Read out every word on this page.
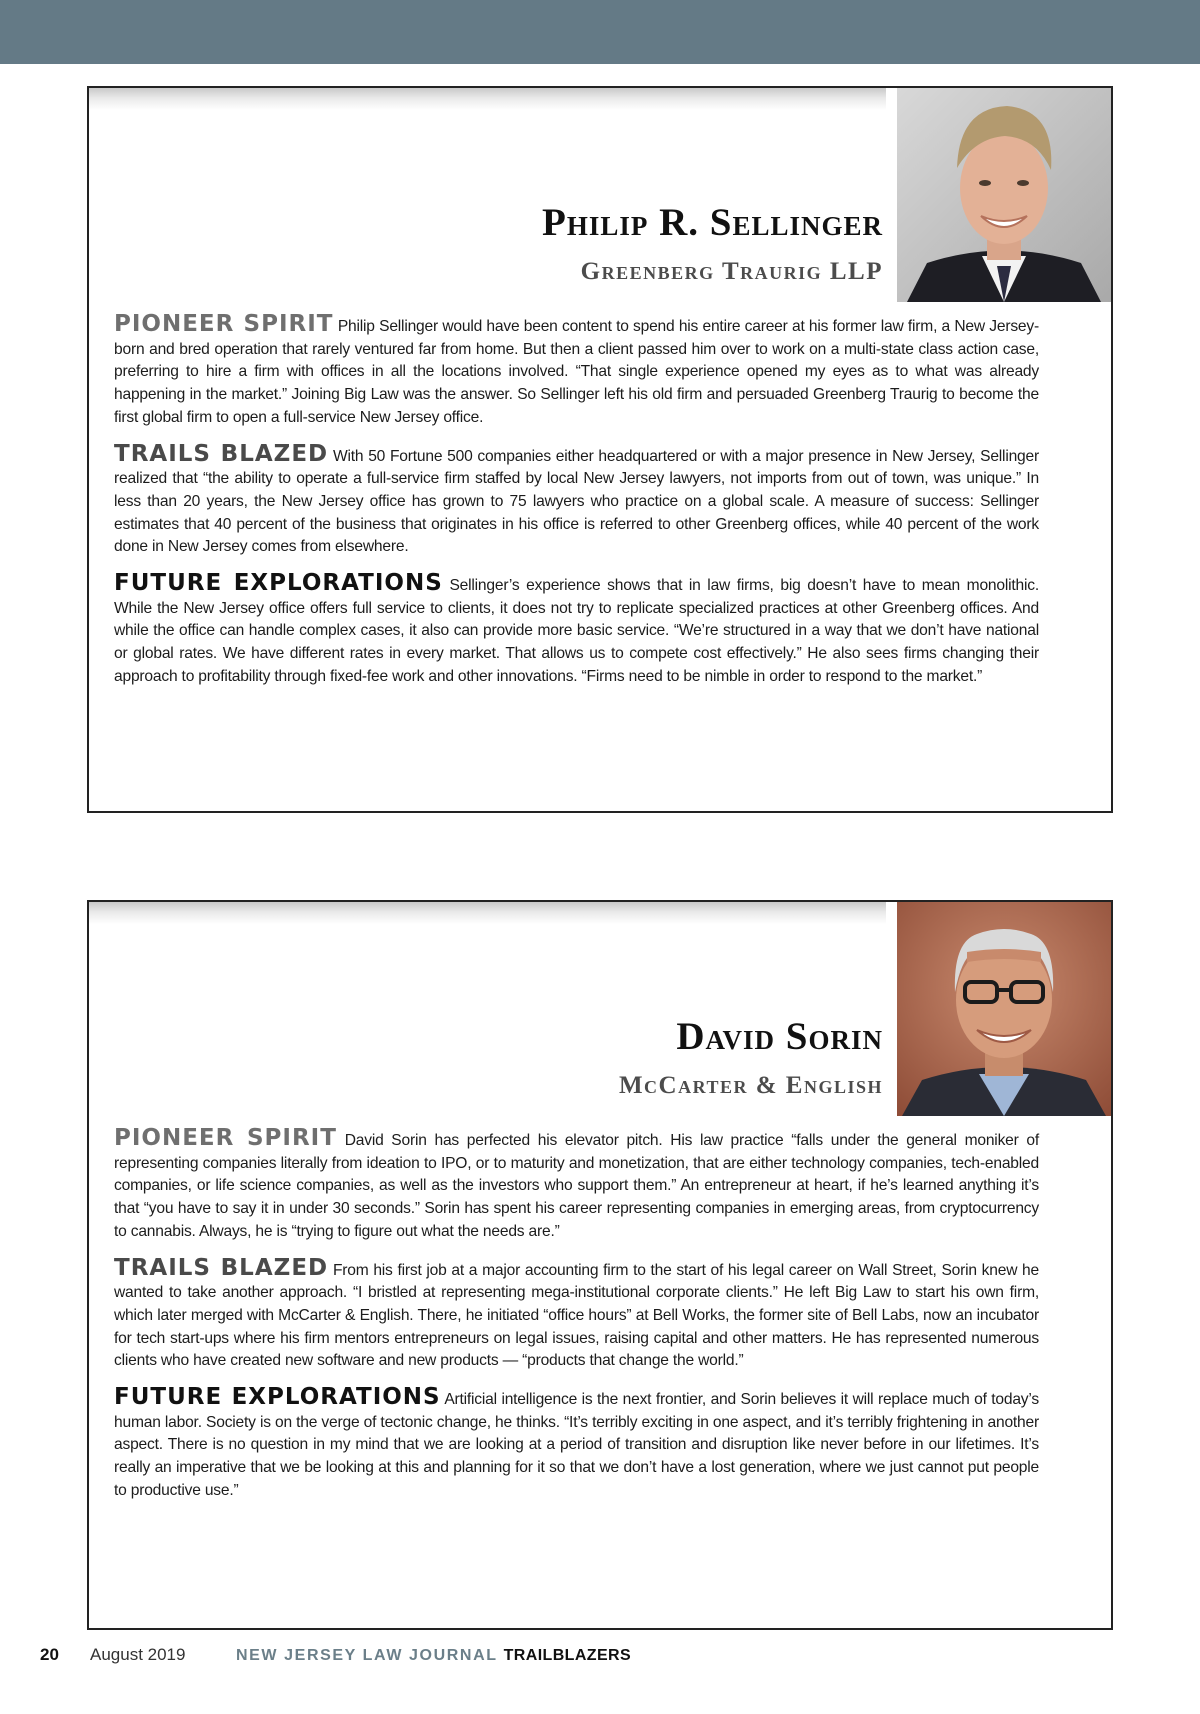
Philip R. Sellinger
Greenberg Traurig LLP

PIONEER SPIRIT Philip Sellinger would have been content to spend his entire career at his former law firm, a New Jersey-born and bred operation that rarely ventured far from home. But then a client passed him over to work on a multi-state class action case, preferring to hire a firm with offices in all the locations involved. “That single experience opened my eyes as to what was already happening in the market.” Joining Big Law was the answer. So Sellinger left his old firm and persuaded Greenberg Traurig to become the first global firm to open a full-service New Jersey office.

TRAILS BLAZED With 50 Fortune 500 companies either headquartered or with a major presence in New Jersey, Sellinger realized that “the ability to operate a full-service firm staffed by local New Jersey lawyers, not imports from out of town, was unique.” In less than 20 years, the New Jersey office has grown to 75 lawyers who practice on a global scale. A measure of success: Sellinger estimates that 40 percent of the business that originates in his office is referred to other Greenberg offices, while 40 percent of the work done in New Jersey comes from elsewhere.

FUTURE EXPLORATIONS Sellinger’s experience shows that in law firms, big doesn’t have to mean monolithic. While the New Jersey office offers full service to clients, it does not try to replicate specialized practices at other Greenberg offices. And while the office can handle complex cases, it also can provide more basic service. “We’re structured in a way that we don’t have national or global rates. We have different rates in every market. That allows us to compete cost effectively.” He also sees firms changing their approach to profitability through fixed-fee work and other innovations. “Firms need to be nimble in order to respond to the market.”

David Sorin
McCarter & English

PIONEER SPIRIT David Sorin has perfected his elevator pitch. His law practice “falls under the general moniker of representing companies literally from ideation to IPO, or to maturity and monetization, that are either technology companies, tech-enabled companies, or life science companies, as well as the investors who support them.” An entrepreneur at heart, if he’s learned anything it’s that “you have to say it in under 30 seconds.” Sorin has spent his career representing companies in emerging areas, from cryptocurrency to cannabis. Always, he is “trying to figure out what the needs are.”

TRAILS BLAZED From his first job at a major accounting firm to the start of his legal career on Wall Street, Sorin knew he wanted to take another approach. “I bristled at representing mega-institutional corporate clients.” He left Big Law to start his own firm, which later merged with McCarter & English. There, he initiated “office hours” at Bell Works, the former site of Bell Labs, now an incubator for tech start-ups where his firm mentors entrepreneurs on legal issues, raising capital and other matters. He has represented numerous clients who have created new software and new products — “products that change the world.”

FUTURE EXPLORATIONS Artificial intelligence is the next frontier, and Sorin believes it will replace much of today’s human labor. Society is on the verge of tectonic change, he thinks. “It’s terribly exciting in one aspect, and it’s terribly frightening in another aspect. There is no question in my mind that we are looking at a period of transition and disruption like never before in our lifetimes. It’s really an imperative that we be looking at this and planning for it so that we don’t have a lost generation, where we just cannot put people to productive use.”

20	August 2019	NEW JERSEY LAW JOURNAL TRAILBLAZERS
